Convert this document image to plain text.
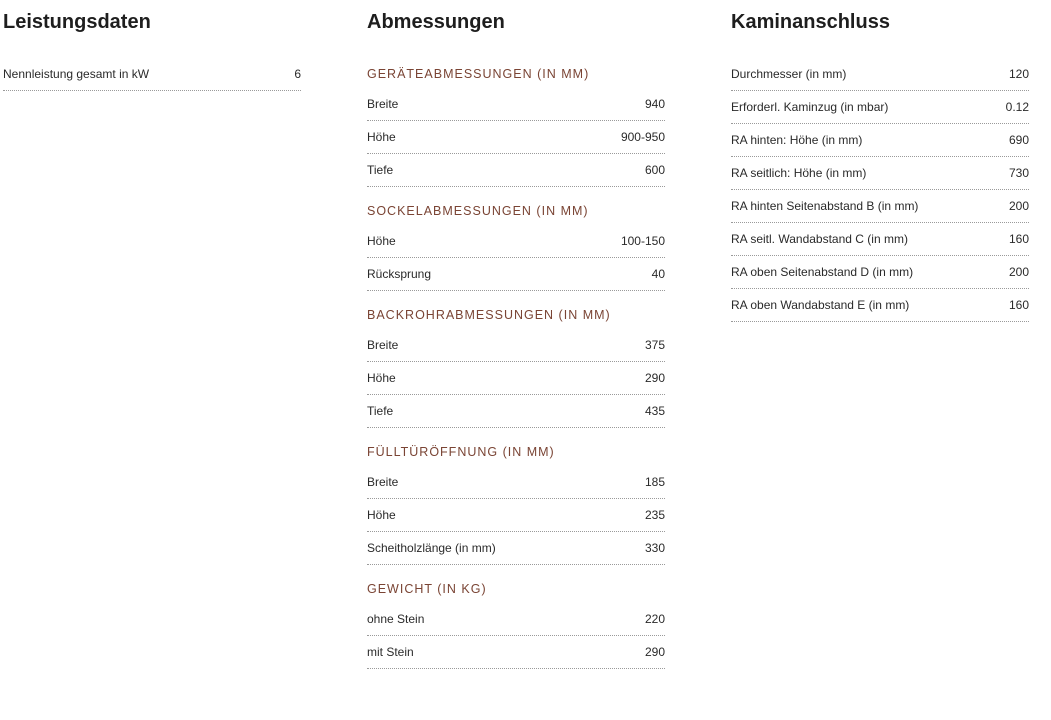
Leistungsdaten
Nennleistung gesamt in kW	6
Abmessungen
GERÄTEABMESSUNGEN (IN MM)
Breite	940
Höhe	900-950
Tiefe	600
SOCKELABMESSUNGEN (IN MM)
Höhe	100-150
Rücksprung	40
BACKROHRABMESSUNGEN (IN MM)
Breite	375
Höhe	290
Tiefe	435
FÜLLTÜRÖFFNUNG (IN MM)
Breite	185
Höhe	235
Scheitholzlänge (in mm)	330
GEWICHT (IN KG)
ohne Stein	220
mit Stein	290
Kaminanschluss
Durchmesser (in mm)	120
Erforderl. Kaminzug (in mbar)	0.12
RA hinten: Höhe (in mm)	690
RA seitlich: Höhe (in mm)	730
RA hinten Seitenabstand B (in mm)	200
RA seitl. Wandabstand C (in mm)	160
RA oben Seitenabstand D (in mm)	200
RA oben Wandabstand E (in mm)	160
